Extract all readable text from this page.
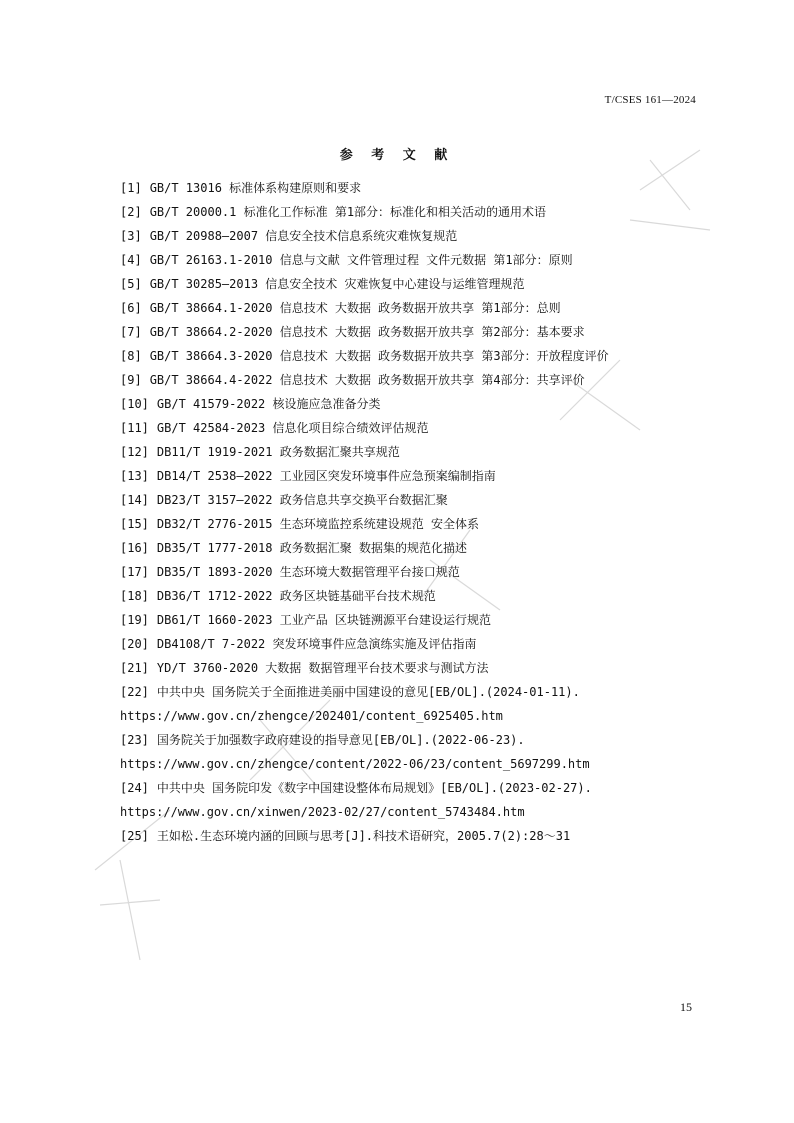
T/CSES 161—2024
参 考 文 献
[1] GB/T 13016 标准体系构建原则和要求
[2] GB/T 20000.1 标准化工作标准 第1部分：标准化和相关活动的通用术语
[3] GB/T 20988—2007 信息安全技术信息系统灾难恢复规范
[4] GB/T 26163.1-2010 信息与文献 文件管理过程 文件元数据 第1部分：原则
[5] GB/T 30285—2013 信息安全技术 灾难恢复中心建设与运维管理规范
[6] GB/T 38664.1-2020 信息技术 大数据 政务数据开放共享 第1部分：总则
[7] GB/T 38664.2-2020 信息技术 大数据 政务数据开放共享 第2部分：基本要求
[8] GB/T 38664.3-2020 信息技术 大数据 政务数据开放共享 第3部分：开放程度评价
[9] GB/T 38664.4-2022 信息技术 大数据 政务数据开放共享 第4部分：共享评价
[10] GB/T 41579-2022 核设施应急准备分类
[11] GB/T 42584-2023 信息化项目综合绩效评估规范
[12] DB11/T 1919-2021 政务数据汇聚共享规范
[13] DB14/T 2538—2022 工业园区突发环境事件应急预案编制指南
[14] DB23/T 3157—2022 政务信息共享交换平台数据汇聚
[15] DB32/T 2776-2015 生态环境监控系统建设规范 安全体系
[16] DB35/T 1777-2018 政务数据汇聚 数据集的规范化描述
[17] DB35/T 1893-2020 生态环境大数据管理平台接口规范
[18] DB36/T 1712-2022 政务区块链基础平台技术规范
[19] DB61/T 1660-2023 工业产品 区块链溯源平台建设运行规范
[20] DB4108/T 7-2022 突发环境事件应急演练实施及评估指南
[21] YD/T 3760-2020 大数据 数据管理平台技术要求与测试方法
[22] 中共中央 国务院关于全面推进美丽中国建设的意见[EB/OL].(2024-01-11).
https://www.gov.cn/zhengce/202401/content_6925405.htm
[23] 国务院关于加强数字政府建设的指导意见[EB/OL].(2022-06-23).
https://www.gov.cn/zhengce/content/2022-06/23/content_5697299.htm
[24] 中共中央 国务院印发《数字中国建设整体布局规划》[EB/OL].(2023-02-27).
https://www.gov.cn/xinwen/2023-02/27/content_5743484.htm
[25] 王如松.生态环境内涵的回顾与思考[J].科技术语研究，2005.7(2):28～31
15
